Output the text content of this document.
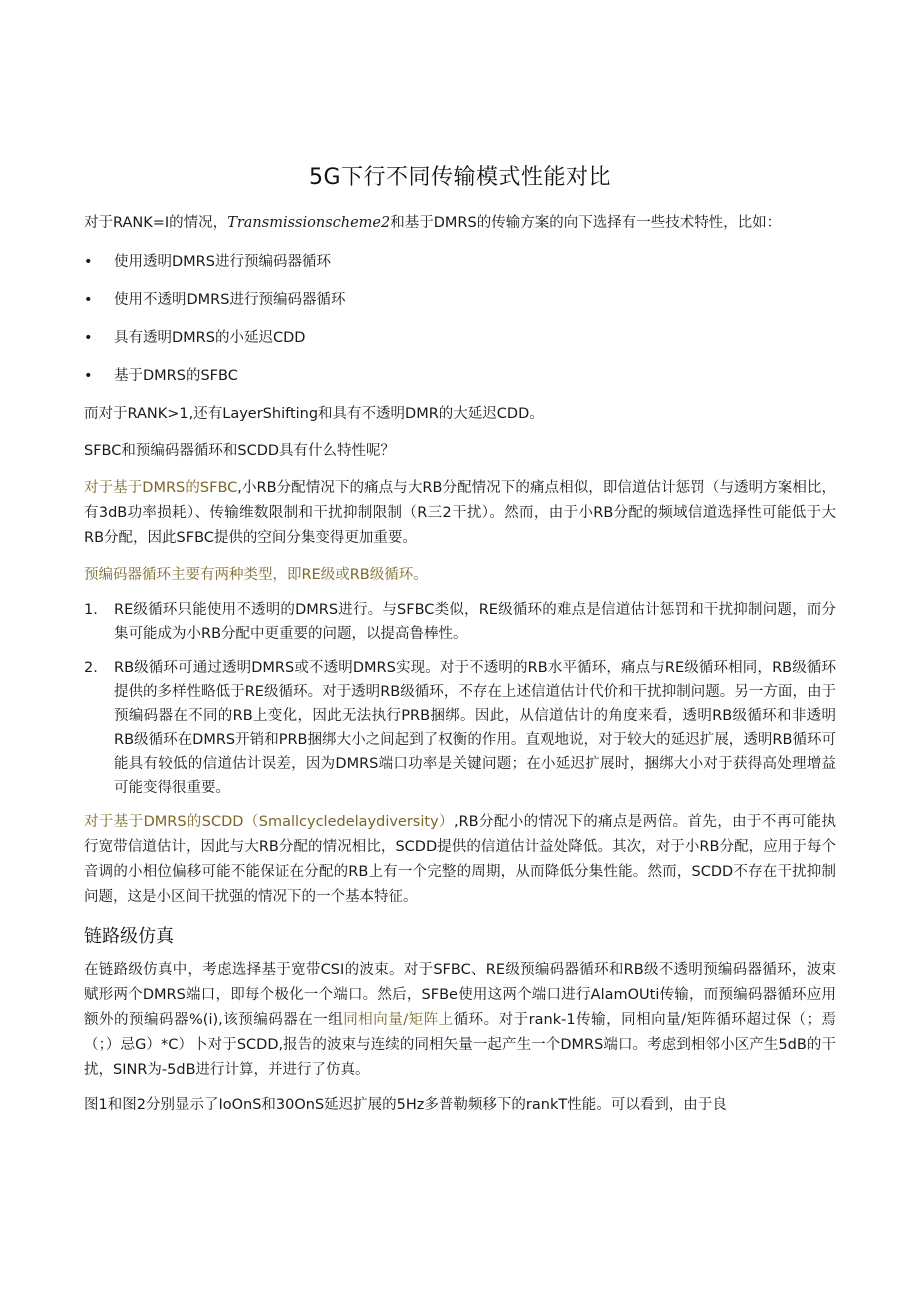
5G下行不同传输模式性能对比

对于RANK=I的情况，Transmissionscheme2和基于DMRS的传输方案的向下选择有一些技术特性，比如：

• 使用透明DMRS进行预编码器循环
• 使用不透明DMRS进行预编码器循环
• 具有透明DMRS的小延迟CDD
• 基于DMRS的SFBC

而对于RANK>1,还有LayerShifting和具有不透明DMR的大延迟CDD。

SFBC和预编码器循环和SCDD具有什么特性呢？

对于基于DMRS的SFBC,小RB分配情况下的痛点与大RB分配情况下的痛点相似，即信道估计惩罚（与透明方案相比，有3dB功率损耗）、传输维数限制和干扰抑制限制（R三2干扰）。然而，由于小RB分配的频域信道选择性可能低于大RB分配，因此SFBC提供的空间分集变得更加重要。

预编码器循环主要有两种类型，即RE级或RB级循环。

1. RE级循环只能使用不透明的DMRS进行。与SFBC类似，RE级循环的难点是信道估计惩罚和干扰抑制问题，而分集可能成为小RB分配中更重要的问题，以提高鲁棒性。
2. RB级循环可通过透明DMRS或不透明DMRS实现。对于不透明的RB水平循环，痛点与RE级循环相同，RB级循环提供的多样性略低于RE级循环。对于透明RB级循环，不存在上述信道估计代价和干扰抑制问题。另一方面，由于预编码器在不同的RB上变化，因此无法执行PRB捆绑。因此，从信道估计的角度来看，透明RB级循环和非透明RB级循环在DMRS开销和PRB捆绑大小之间起到了权衡的作用。直观地说，对于较大的延迟扩展，透明RB循环可能具有较低的信道估计误差，因为DMRS端口功率是关键问题；在小延迟扩展时，捆绑大小对于获得高处理增益可能变得很重要。

对于基于DMRS的SCDD（Smallcycledelaydiversity）,RB分配小的情况下的痛点是两倍。首先，由于不再可能执行宽带信道估计，因此与大RB分配的情况相比，SCDD提供的信道估计益处降低。其次，对于小RB分配，应用于每个音调的小相位偏移可能不能保证在分配的RB上有一个完整的周期，从而降低分集性能。然而，SCDD不存在干扰抑制问题，这是小区间干扰强的情况下的一个基本特征。

链路级仿真

在链路级仿真中，考虑选择基于宽带CSI的波束。对于SFBC、RE级预编码器循环和RB级不透明预编码器循环，波束赋形两个DMRS端口，即每个极化一个端口。然后，SFBe使用这两个端口进行AlamOUti传输，而预编码器循环应用额外的预编码器%(i),该预编码器在一组同相向量/矩阵上循环。对于rank-1传输，同相向量/矩阵循环超过保（；焉（；）忌G）*C）卜对于SCDD,报告的波束与连续的同相矢量一起产生一个DMRS端口。考虑到相邻小区产生5dB的干扰，SINR为-5dB进行计算，并进行了仿真。

图1和图2分别显示了IoOnS和30OnS延迟扩展的5Hz多普勒频移下的rankT性能。可以看到，由于良
